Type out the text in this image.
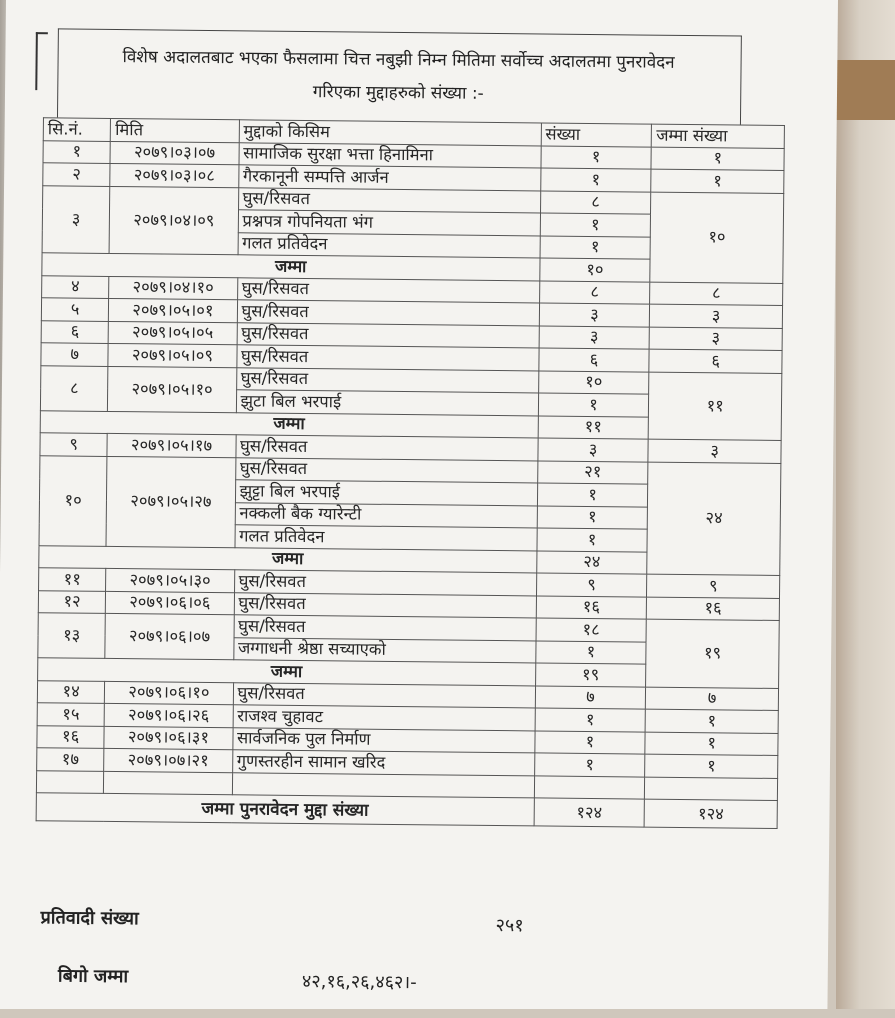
विशेष अदालतबाट भएका फैसलामा चित्त नबुझी निम्न मितिमा सर्वोच्च अदालतमा पुनरावेदन
गरिएका मुद्दाहरुको संख्या :-
सि.नं.	मिति	मुद्दाको किसिम	संख्या	जम्मा संख्या
१	२०७९।०३।०७	सामाजिक सुरक्षा भत्ता हिनामिना	१	१
२	२०७९।०३।०८	गैरकानूनी सम्पत्ति आर्जन	१	१
३	२०७९।०४।०९	घुस/रिसवत	८	१०
		प्रश्नपत्र गोपनियता भंग	१	
		गलत प्रतिवेदन	१	
जम्मा			१०	
४	२०७९।०४।१०	घुस/रिसवत	८	८
५	२०७९।०५।०१	घुस/रिसवत	३	३
६	२०७९।०५।०५	घुस/रिसवत	३	३
७	२०७९।०५।०९	घुस/रिसवत	६	६
८	२०७९।०५।१०	घुस/रिसवत	१०	११
		झुटा बिल भरपाई	१	
जम्मा			११	
९	२०७९।०५।१७	घुस/रिसवत	३	३
१०	२०७९।०५।२७	घुस/रिसवत	२१	२४
		झुट्टा बिल भरपाई	१	
		नक्कली बैक ग्यारेन्टी	१	
		गलत प्रतिवेदन	१	
जम्मा			२४	
११	२०७९।०५।३०	घुस/रिसवत	९	९
१२	२०७९।०६।०६	घुस/रिसवत	१६	१६
१३	२०७९।०६।०७	घुस/रिसवत	१८	१९
		जग्गाधनी श्रेष्ठा सच्याएको	१	
जम्मा			१९	
१४	२०७९।०६।१०	घुस/रिसवत	७	७
१५	२०७९।०६।२६	राजश्व चुहावट	१	१
१६	२०७९।०६।३१	सार्वजनिक पुल निर्माण	१	१
१७	२०७९।०७।२१	गुणस्तरहीन सामान खरिद	१	१

जम्मा पुनरावेदन मुद्दा संख्या			१२४	१२४
प्रतिवादी संख्या	२५१
बिगो जम्मा	४२,१६,२६,४६२।-
